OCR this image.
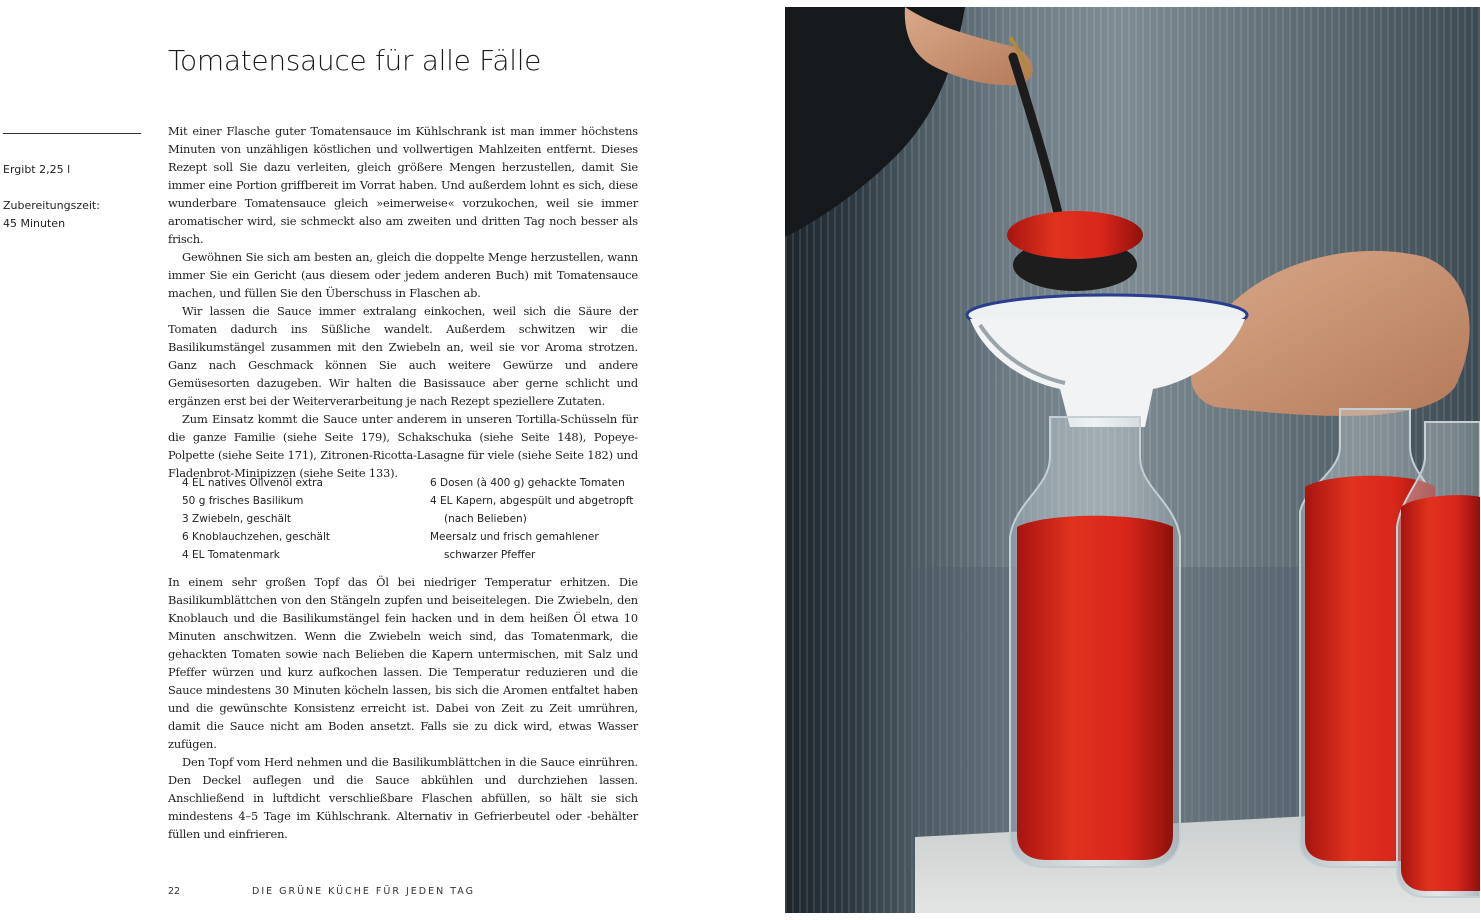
Tomatensauce für alle Fälle
Ergibt 2,25 l
Zubereitungszeit:
45 Minuten

Mit einer Flasche guter Tomatensauce im Kühlschrank ist man immer höchstens Minuten von unzähligen köstlichen und vollwertigen Mahlzeiten entfernt. Dieses Rezept soll Sie dazu verleiten, gleich größere Mengen herzustellen, damit Sie immer eine Portion griffbereit im Vorrat haben. Und außerdem lohnt es sich, diese wunderbare Tomatensauce gleich »eimerweise« vorzukochen, weil sie immer aromatischer wird, sie schmeckt also am zweiten und dritten Tag noch besser als frisch.

Gewöhnen Sie sich am besten an, gleich die doppelte Menge herzustellen, wann immer Sie ein Gericht (aus diesem oder jedem anderen Buch) mit Tomatensauce machen, und füllen Sie den Überschuss in Flaschen ab.

Wir lassen die Sauce immer extralang einkochen, weil sich die Säure der Tomaten dadurch ins Süßliche wandelt. Außerdem schwitzen wir die Basilikumstängel zusammen mit den Zwiebeln an, weil sie vor Aroma strotzen. Ganz nach Geschmack können Sie auch weitere Gewürze und andere Gemüsesorten dazugeben. Wir halten die Basissauce aber gerne schlicht und ergänzen erst bei der Weiterverarbeitung je nach Rezept speziellere Zutaten.

Zum Einsatz kommt die Sauce unter anderem in unseren Tortilla-Schüsseln für die ganze Familie (siehe Seite 179), Schakschuka (siehe Seite 148), Popeye-Polpette (siehe Seite 171), Zitronen-Ricotta-Lasagne für viele (siehe Seite 182) und Fladenbrot-Minipizzen (siehe Seite 133).

4 EL natives Olivenöl extra
50 g frisches Basilikum
3 Zwiebeln, geschält
6 Knoblauchzehen, geschält
4 EL Tomatenmark
6 Dosen (à 400 g) gehackte Tomaten
4 EL Kapern, abgespült und abgetropft (nach Belieben)
Meersalz und frisch gemahlener schwarzer Pfeffer

In einem sehr großen Topf das Öl bei niedriger Temperatur erhitzen. Die Basilikumblättchen von den Stängeln zupfen und beiseitelegen. Die Zwiebeln, den Knoblauch und die Basilikumstängel fein hacken und in dem heißen Öl etwa 10 Minuten anschwitzen. Wenn die Zwiebeln weich sind, das Tomatenmark, die gehackten Tomaten sowie nach Belieben die Kapern untermischen, mit Salz und Pfeffer würzen und kurz aufkochen lassen. Die Temperatur reduzieren und die Sauce mindestens 30 Minuten köcheln lassen, bis sich die Aromen entfaltet haben und die gewünschte Konsistenz erreicht ist. Dabei von Zeit zu Zeit umrühren, damit die Sauce nicht am Boden ansetzt. Falls sie zu dick wird, etwas Wasser zufügen.

Den Topf vom Herd nehmen und die Basilikumblättchen in die Sauce einrühren. Den Deckel auflegen und die Sauce abkühlen und durchziehen lassen. Anschließend in luftdicht verschließbare Flaschen abfüllen, so hält sie sich mindestens 4–5 Tage im Kühlschrank. Alternativ in Gefrierbeutel oder -behälter füllen und einfrieren.

22	DIE GRÜNE KÜCHE FÜR JEDEN TAG
